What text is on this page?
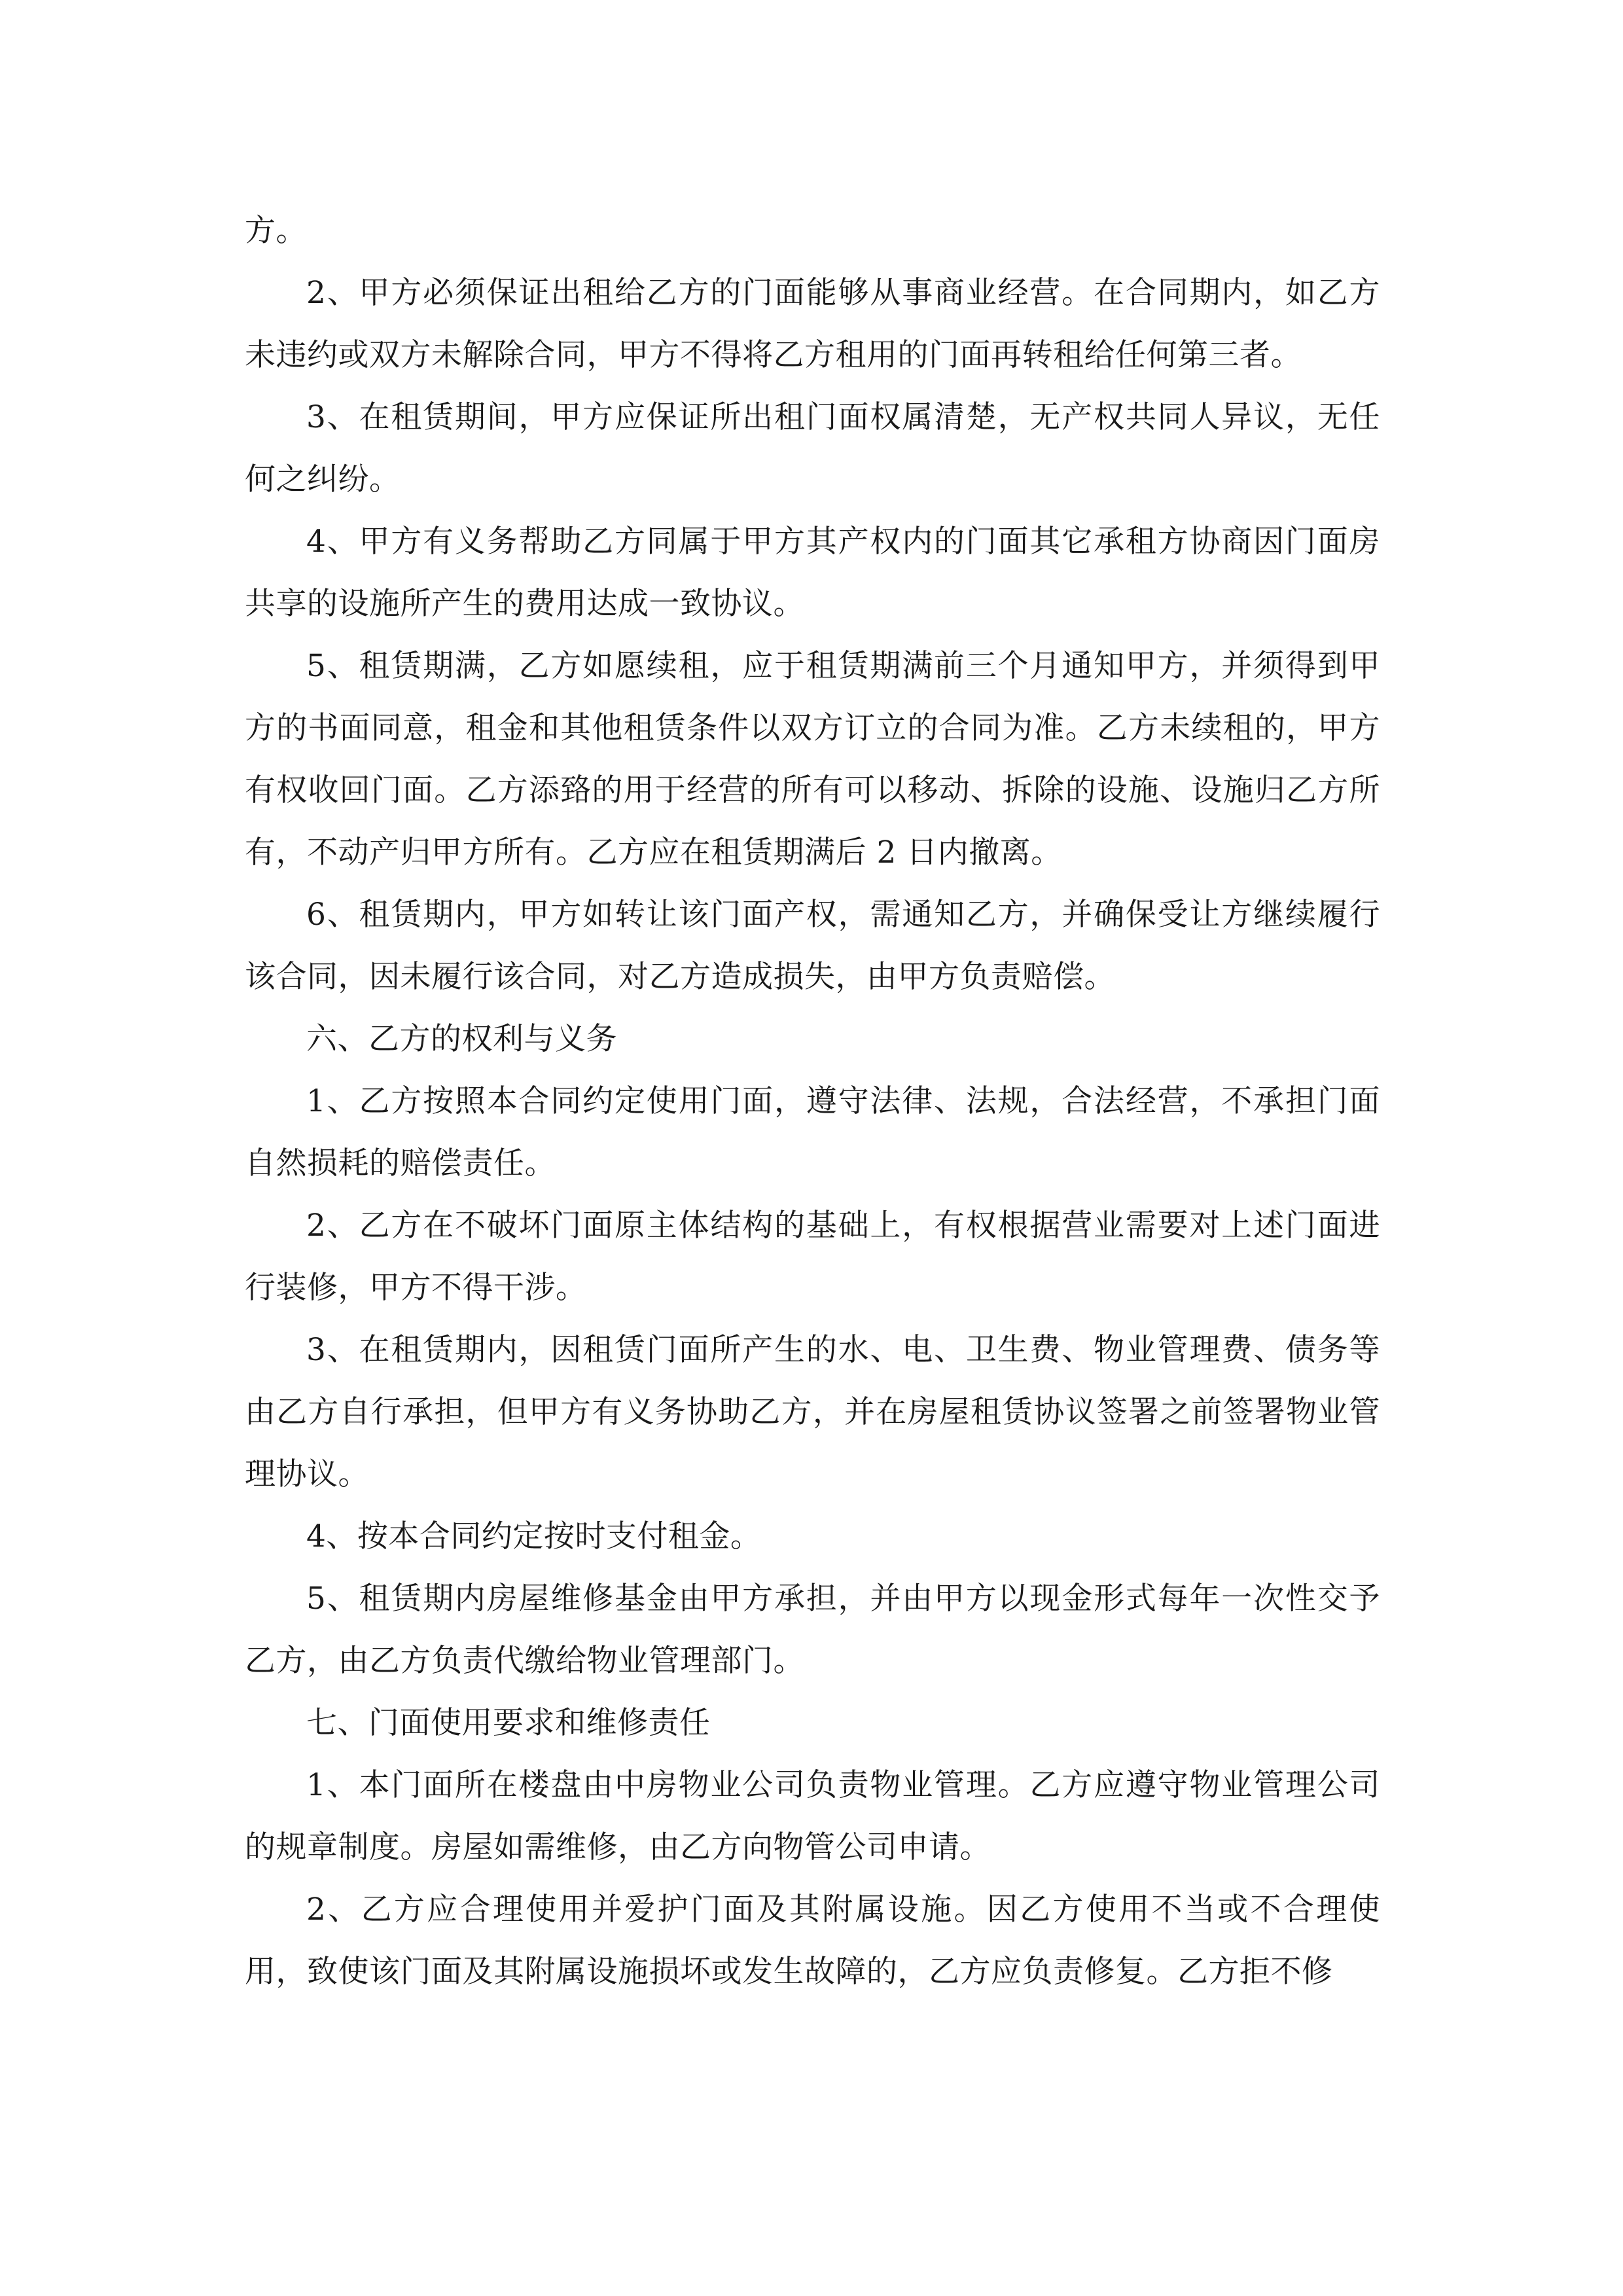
方。

2、甲方必须保证出租给乙方的门面能够从事商业经营。在合同期内，如乙方未违约或双方未解除合同，甲方不得将乙方租用的门面再转租给任何第三者。

3、在租赁期间，甲方应保证所出租门面权属清楚，无产权共同人异议，无任何之纠纷。

4、甲方有义务帮助乙方同属于甲方其产权内的门面其它承租方协商因门面房共享的设施所产生的费用达成一致协议。

5、租赁期满，乙方如愿续租，应于租赁期满前三个月通知甲方，并须得到甲方的书面同意，租金和其他租赁条件以双方订立的合同为准。乙方未续租的，甲方有权收回门面。乙方添臵的用于经营的所有可以移动、拆除的设施、设施归乙方所有，不动产归甲方所有。乙方应在租赁期满后 2 日内撤离。

6、租赁期内，甲方如转让该门面产权，需通知乙方，并确保受让方继续履行该合同，因未履行该合同，对乙方造成损失，由甲方负责赔偿。

六、乙方的权利与义务

1、乙方按照本合同约定使用门面，遵守法律、法规，合法经营，不承担门面自然损耗的赔偿责任。

2、乙方在不破坏门面原主体结构的基础上，有权根据营业需要对上述门面进行装修，甲方不得干涉。

3、在租赁期内，因租赁门面所产生的水、电、卫生费、物业管理费、债务等由乙方自行承担，但甲方有义务协助乙方，并在房屋租赁协议签署之前签署物业管理协议。

4、按本合同约定按时支付租金。

5、租赁期内房屋维修基金由甲方承担，并由甲方以现金形式每年一次性交予乙方，由乙方负责代缴给物业管理部门。

七、门面使用要求和维修责任

1、本门面所在楼盘由中房物业公司负责物业管理。乙方应遵守物业管理公司的规章制度。房屋如需维修，由乙方向物管公司申请。

2、乙方应合理使用并爱护门面及其附属设施。因乙方使用不当或不合理使用，致使该门面及其附属设施损坏或发生故障的，乙方应负责修复。乙方拒不修
